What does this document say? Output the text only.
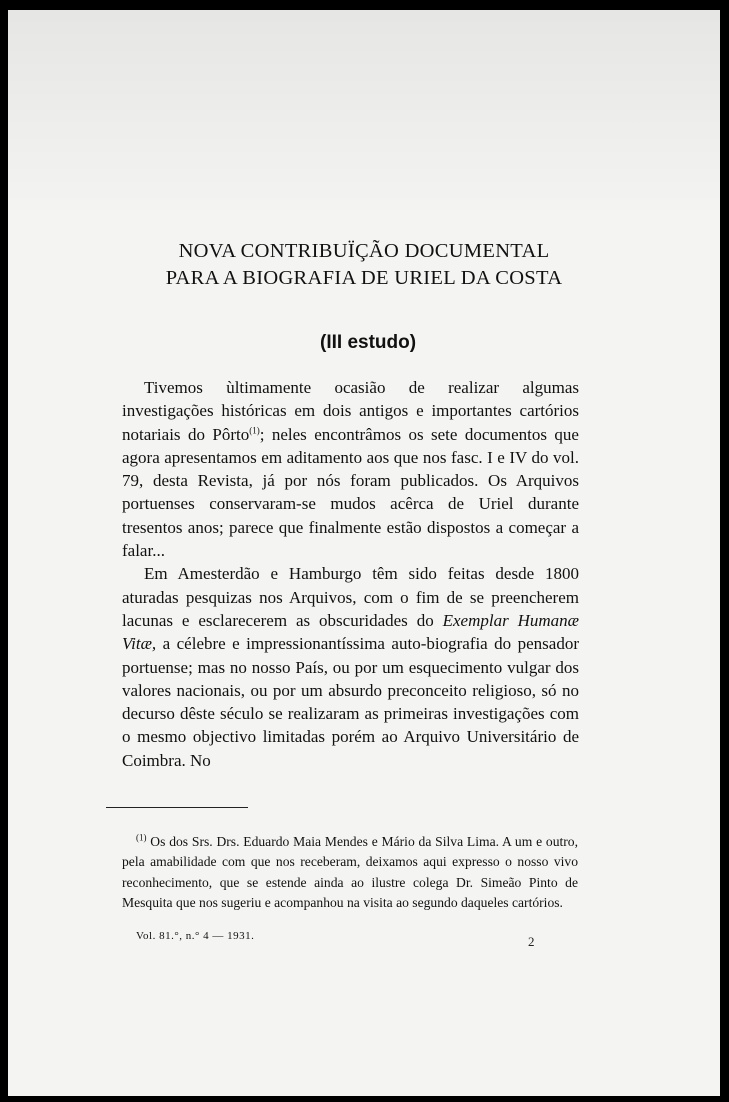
NOVA CONTRIBUÏÇÃO DOCUMENTAL
PARA A BIOGRAFIA DE URIEL DA COSTA
(III estudo)

Tivemos ùltimamente ocasião de realizar algumas investigações históricas em dois antigos e importantes cartórios notariais do Pôrto$^{(1)}$; neles encontrâmos os sete documentos que agora apresentamos em aditamento aos que nos fasc. I e IV do vol. 79, desta Revista, já por nós foram publicados. Os Arquivos portuenses conservaram-se mudos acêrca de Uriel durante tresentos anos; parece que finalmente estão dispostos a começar a falar...

Em Amesterdão e Hamburgo têm sido feitas desde 1800 aturadas pesquizas nos Arquivos, com o fim de se preencherem lacunas e esclarecerem as obscuridades do Exemplar Humanæ Vitæ, a célebre e impressionantíssima auto-biografia do pensador portuense; mas no nosso País, ou por um esquecimento vulgar dos valores nacionais, ou por um absurdo preconceito religioso, só no decurso dêste século se realizaram as primeiras investigações com o mesmo objectivo limitadas porém ao Arquivo Universitário de Coimbra. No

$^{(1)}$ Os dos Srs. Drs. Eduardo Maia Mendes e Mário da Silva Lima. A um e outro, pela amabilidade com que nos receberam, deixamos aqui expresso o nosso vivo reconhecimento, que se estende ainda ao ilustre colega Dr. Simeão Pinto de Mesquita que nos sugeriu e acompanhou na visita ao segundo daqueles cartórios.

Vol. 81.°, n.° 4 — 1931.	2
